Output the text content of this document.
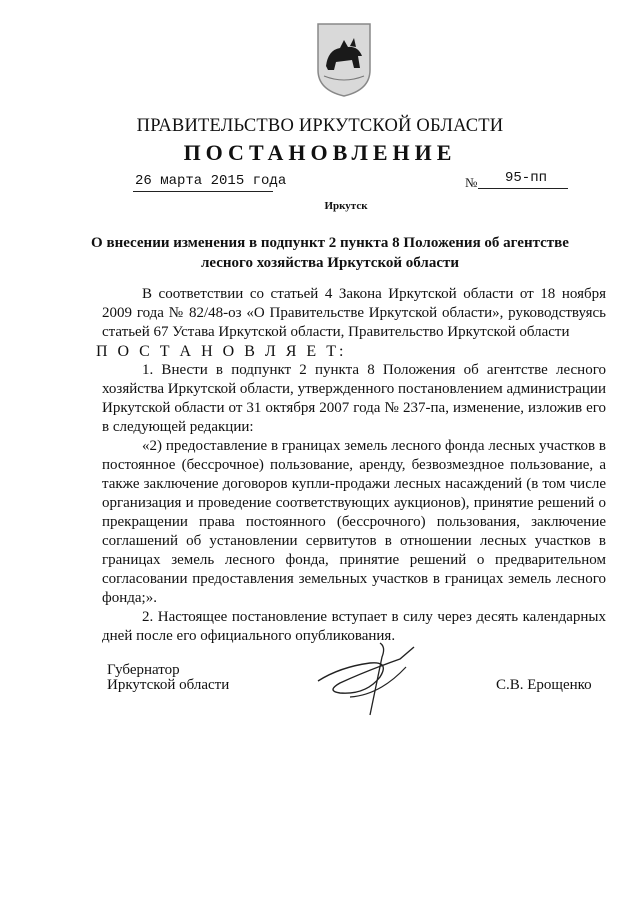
ПРАВИТЕЛЬСТВО ИРКУТСКОЙ ОБЛАСТИ
ПОСТАНОВЛЕНИЕ
26 марта 2015 года	№ 95-пп
Иркутск
О внесении изменения в подпункт 2 пункта 8 Положения об агентстве
лесного хозяйства Иркутской области

В соответствии со статьей 4 Закона Иркутской области от 18 ноября 2009 года № 82/48-оз «О Правительстве Иркутской области», руководствуясь статьей 67 Устава Иркутской области, Правительство Иркутской области

П О С Т А Н О В Л Я Е Т:

1. Внести в подпункт 2 пункта 8 Положения об агентстве лесного хозяйства Иркутской области, утвержденного постановлением администрации Иркутской области от 31 октября 2007 года № 237-па, изменение, изложив его в следующей редакции:

«2) предоставление в границах земель лесного фонда лесных участков в постоянное (бессрочное) пользование, аренду, безвозмездное пользование, а также заключение договоров купли-продажи лесных насаждений (в том числе организация и проведение соответствующих аукционов), принятие решений о прекращении права постоянного (бессрочного) пользования, заключение соглашений об установлении сервитутов в отношении лесных участков в границах земель лесного фонда, принятие решений о предварительном согласовании предоставления земельных участков в границах земель лесного фонда;».

2. Настоящее постановление вступает в силу через десять календарных дней после его официального опубликования.

Губернатор
Иркутской области	С.В. Ерощенко
